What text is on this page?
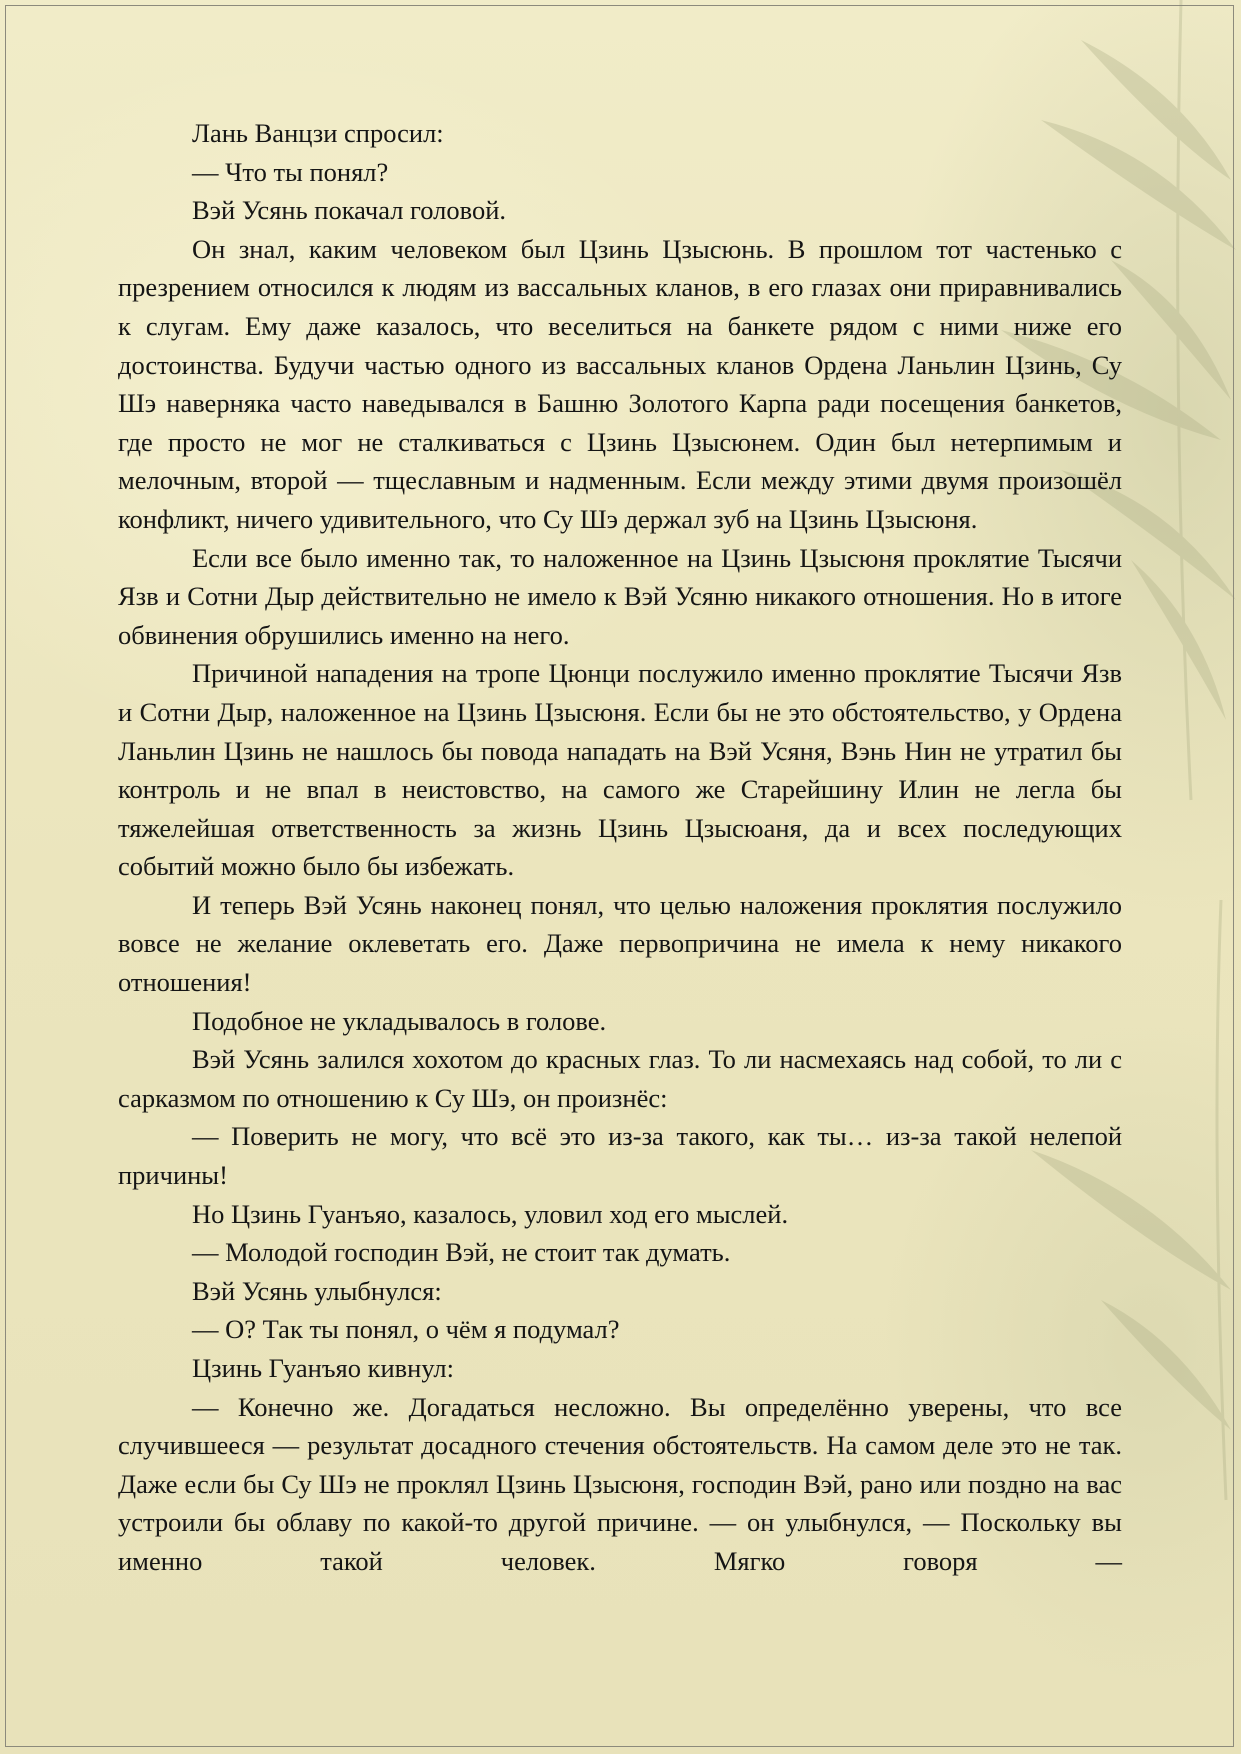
Лань Ванцзи спросил:

— Что ты понял?

Вэй Усянь покачал головой.

Он знал, каким человеком был Цзинь Цзысюнь. В прошлом тот частенько с презрением относился к людям из вассальных кланов, в его глазах они приравнивались к слугам. Ему даже казалось, что веселиться на банкете рядом с ними ниже его достоинства. Будучи частью одного из вассальных кланов Ордена Ланьлин Цзинь, Су Шэ наверняка часто наведывался в Башню Золотого Карпа ради посещения банкетов, где просто не мог не сталкиваться с Цзинь Цзысюнем. Один был нетерпимым и мелочным, второй — тщеславным и надменным. Если между этими двумя произошёл конфликт, ничего удивительного, что Су Шэ держал зуб на Цзинь Цзысюня.

Если все было именно так, то наложенное на Цзинь Цзысюня проклятие Тысячи Язв и Сотни Дыр действительно не имело к Вэй Усяню никакого отношения. Но в итоге обвинения обрушились именно на него.

Причиной нападения на тропе Цюнци послужило именно проклятие Тысячи Язв и Сотни Дыр, наложенное на Цзинь Цзысюня. Если бы не это обстоятельство, у Ордена Ланьлин Цзинь не нашлось бы повода нападать на Вэй Усяня, Вэнь Нин не утратил бы контроль и не впал в неистовство, на самого же Старейшину Илин не легла бы тяжелейшая ответственность за жизнь Цзинь Цзысюаня, да и всех последующих событий можно было бы избежать.

И теперь Вэй Усянь наконец понял, что целью наложения проклятия послужило вовсе не желание оклеветать его. Даже первопричина не имела к нему никакого отношения!

Подобное не укладывалось в голове.

Вэй Усянь залился хохотом до красных глаз. То ли насмехаясь над собой, то ли с сарказмом по отношению к Су Шэ, он произнёс:

— Поверить не могу, что всё это из-за такого, как ты… из-за такой нелепой причины!

Но Цзинь Гуанъяо, казалось, уловил ход его мыслей.

— Молодой господин Вэй, не стоит так думать.

Вэй Усянь улыбнулся:

— О? Так ты понял, о чём я подумал?

Цзинь Гуанъяо кивнул:

— Конечно же. Догадаться несложно. Вы определённо уверены, что все случившееся — результат досадного стечения обстоятельств. На самом деле это не так. Даже если бы Су Шэ не проклял Цзинь Цзысюня, господин Вэй, рано или поздно на вас устроили бы облаву по какой-то другой причине. — он улыбнулся, — Поскольку вы именно такой человек. Мягко говоря —
